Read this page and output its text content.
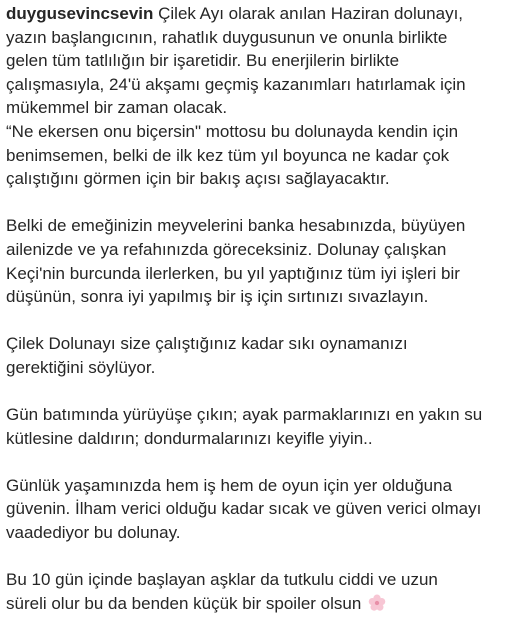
duygusevincsevin Çilek Ayı olarak anılan Haziran dolunayı,
yazın başlangıcının, rahatlık duygusunun ve onunla birlikte
gelen tüm tatlılığın bir işaretidir. Bu enerjilerin birlikte
çalışmasıyla, 24'ü akşamı geçmiş kazanımları hatırlamak için
mükemmel bir zaman olacak.
“Ne ekersen onu biçersin" mottosu bu dolunayda kendin için
benimsemen, belki de ilk kez tüm yıl boyunca ne kadar çok
çalıştığını görmen için bir bakış açısı sağlayacaktır.
Belki de emeğinizin meyvelerini banka hesabınızda, büyüyen
ailenizde ve ya refahınızda göreceksiniz. Dolunay çalışkan
Keçi'nin burcunda ilerlerken, bu yıl yaptığınız tüm iyi işleri bir
düşünün, sonra iyi yapılmış bir iş için sırtınızı sıvazlayın.
Çilek Dolunayı size çalıştığınız kadar sıkı oynamanızı
gerektiğini söylüyor.
Gün batımında yürüyüşe çıkın; ayak parmaklarınızı en yakın su
kütlesine daldırın; dondurmalarınızı keyifle yiyin..
Günlük yaşamınızda hem iş hem de oyun için yer olduğuna
güvenin. İlham verici olduğu kadar sıcak ve güven verici olmayı
vaadediyor bu dolunay.
Bu 10 gün içinde başlayan aşklar da tutkulu ciddi ve uzun
süreli olur bu da benden küçük bir spoiler olsun
